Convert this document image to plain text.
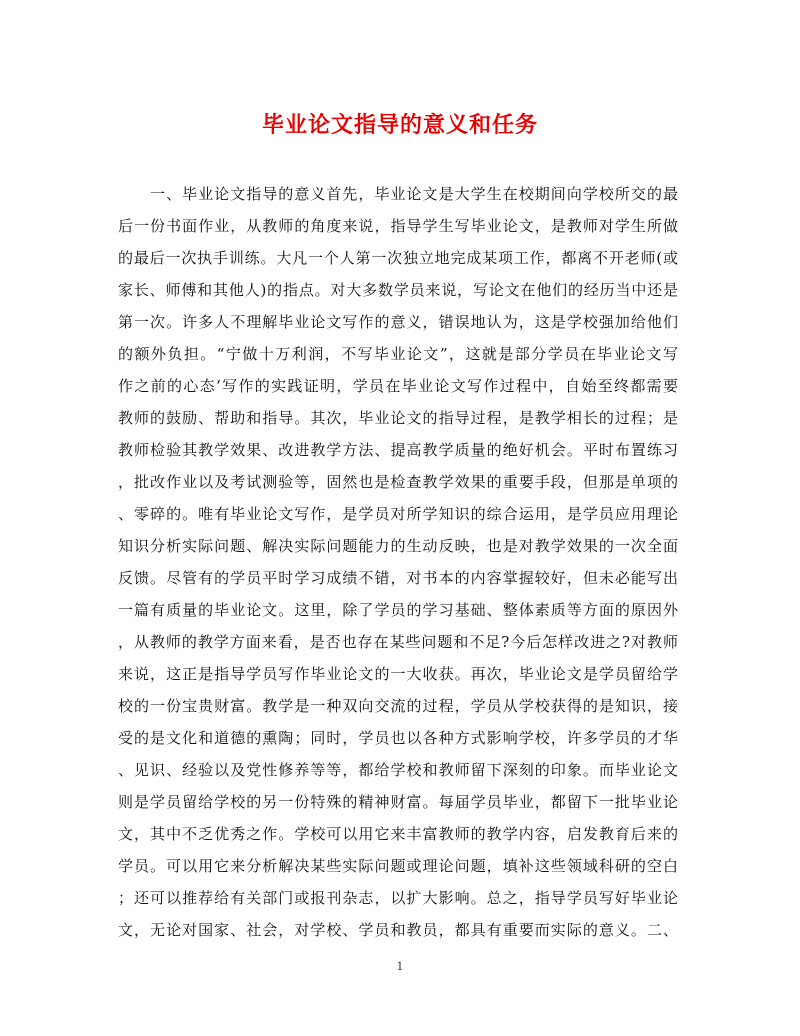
毕业论文指导的意义和任务
　　一、毕业论文指导的意义首先，毕业论文是大学生在校期间向学校所交的最
后一份书面作业，从教师的角度来说，指导学生写毕业论文，是教师对学生所做
的最后一次执手训练。大凡一个人第一次独立地完成某项工作，都离不开老师(或
家长、师傅和其他人)的指点。对大多数学员来说，写论文在他们的经历当中还是
第一次。许多人不理解毕业论文写作的意义，错误地认为，这是学校强加给他们
的额外负担。“宁做十万利润，不写毕业论文”，这就是部分学员在毕业论文写
作之前的心态‘写作的实践证明，学员在毕业论文写作过程中，自始至终都需要
教师的鼓励、帮助和指导。其次，毕业论文的指导过程，是教学相长的过程；是
教师检验其教学效果、改进教学方法、提高教学质量的绝好机会。平时布置练习
，批改作业以及考试测验等，固然也是检查教学效果的重要手段，但那是单项的
、零碎的。唯有毕业论文写作，是学员对所学知识的综合运用，是学员应用理论
知识分析实际问题、解决实际问题能力的生动反映，也是对教学效果的一次全面
反馈。尽管有的学员平时学习成绩不错，对书本的内容掌握较好，但未必能写出
一篇有质量的毕业论文。这里，除了学员的学习基础、整体素质等方面的原因外
，从教师的教学方面来看，是否也存在某些问题和不足?今后怎样改进之?对教师
来说，这正是指导学员写作毕业论文的一大收获。再次，毕业论文是学员留给学
校的一份宝贵财富。教学是一种双向交流的过程，学员从学校获得的是知识，接
受的是文化和道德的熏陶；同时，学员也以各种方式影响学校，许多学员的才华
、见识、经验以及党性修养等等，都给学校和教师留下深刻的印象。而毕业论文
则是学员留给学校的另一份特殊的精神财富。每届学员毕业，都留下一批毕业论
文，其中不乏优秀之作。学校可以用它来丰富教师的教学内容，启发教育后来的
学员。可以用它来分析解决某些实际问题或理论问题，填补这些领域科研的空白
；还可以推荐给有关部门或报刊杂志，以扩大影响。总之，指导学员写好毕业论
文，无论对国家、社会，对学校、学员和教员，都具有重要而实际的意义。二、
1
